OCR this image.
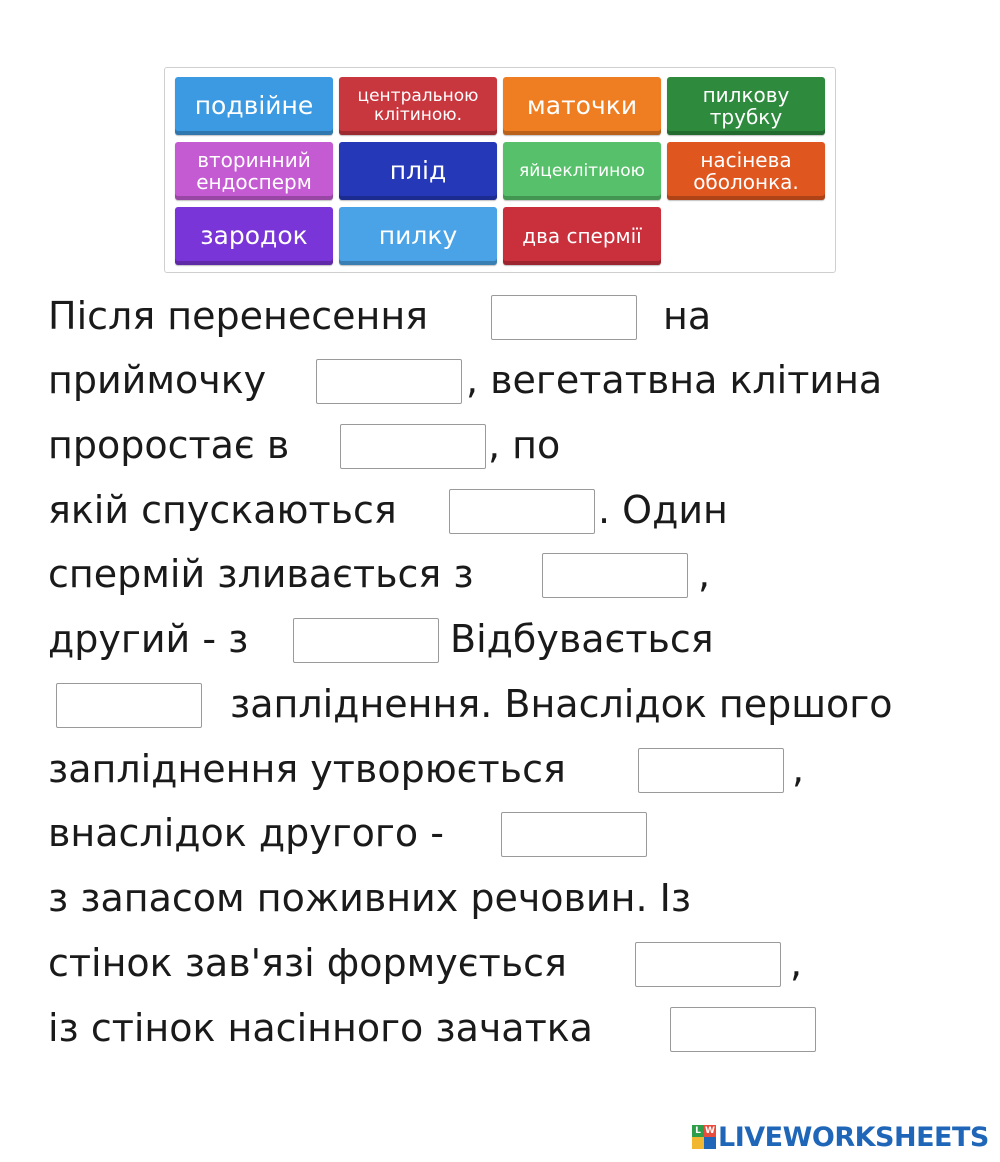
подвійне	центральною клітиною.	маточки	пилкову трубку
вторинний ендосперм	плід	яйцеклітиною	насінева оболонка.
зародок	пилку	два спермії
Після перенесення	на
приймочку	, вегетатвна клітина
проростає в	, по
якій спускаються	. Один
спермій зливається з	,
другий - з	Відбувається
запліднення. Внаслідок першого
запліднення утворюється	,
внаслідок другого -
з запасом поживних речовин. Із
стінок зав'язі формується	,
із стінок насінного зачатка
L W LIVEWORKSHEETS
